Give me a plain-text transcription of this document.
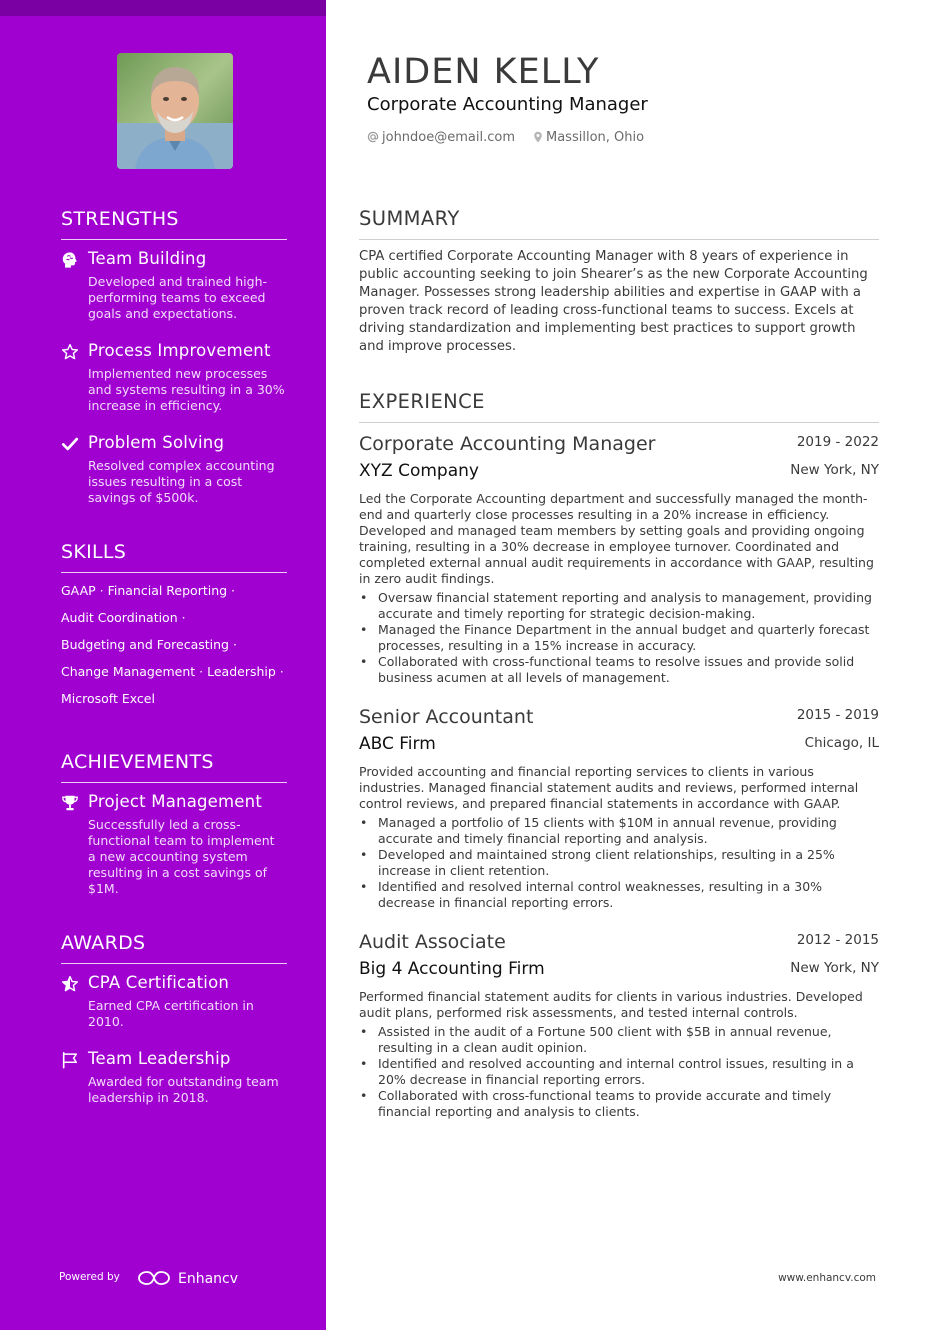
STRENGTHS
Team Building
Developed and trained high-performing teams to exceed goals and expectations.
Process Improvement
Implemented new processes and systems resulting in a 30% increase in efficiency.
Problem Solving
Resolved complex accounting issues resulting in a cost savings of $500k.
SKILLS
GAAP · Financial Reporting ·
Audit Coordination ·
Budgeting and Forecasting ·
Change Management · Leadership ·
Microsoft Excel
ACHIEVEMENTS
Project Management
Successfully led a cross-functional team to implement a new accounting system resulting in a cost savings of $1M.
AWARDS
CPA Certification
Earned CPA certification in 2010.
Team Leadership
Awarded for outstanding team leadership in 2018.
Powered by	Enhancv
AIDEN KELLY
Corporate Accounting Manager
johndoe@email.com	Massillon, Ohio
SUMMARY
CPA certified Corporate Accounting Manager with 8 years of experience in public accounting seeking to join Shearer’s as the new Corporate Accounting Manager. Possesses strong leadership abilities and expertise in GAAP with a proven track record of leading cross-functional teams to success. Excels at driving standardization and implementing best practices to support growth and improve processes.
EXPERIENCE
Corporate Accounting Manager	2019 - 2022
XYZ Company	New York, NY
Led the Corporate Accounting department and successfully managed the month-end and quarterly close processes resulting in a 20% increase in efficiency. Developed and managed team members by setting goals and providing ongoing training, resulting in a 30% decrease in employee turnover. Coordinated and completed external annual audit requirements in accordance with GAAP, resulting in zero audit findings.
• Oversaw financial statement reporting and analysis to management, providing accurate and timely reporting for strategic decision-making.
• Managed the Finance Department in the annual budget and quarterly forecast processes, resulting in a 15% increase in accuracy.
• Collaborated with cross-functional teams to resolve issues and provide solid business acumen at all levels of management.
Senior Accountant	2015 - 2019
ABC Firm	Chicago, IL
Provided accounting and financial reporting services to clients in various industries. Managed financial statement audits and reviews, performed internal control reviews, and prepared financial statements in accordance with GAAP.
• Managed a portfolio of 15 clients with $10M in annual revenue, providing accurate and timely financial reporting and analysis.
• Developed and maintained strong client relationships, resulting in a 25% increase in client retention.
• Identified and resolved internal control weaknesses, resulting in a 30% decrease in financial reporting errors.
Audit Associate	2012 - 2015
Big 4 Accounting Firm	New York, NY
Performed financial statement audits for clients in various industries. Developed audit plans, performed risk assessments, and tested internal controls.
• Assisted in the audit of a Fortune 500 client with $5B in annual revenue, resulting in a clean audit opinion.
• Identified and resolved accounting and internal control issues, resulting in a 20% decrease in financial reporting errors.
• Collaborated with cross-functional teams to provide accurate and timely financial reporting and analysis to clients.
www.enhancv.com
